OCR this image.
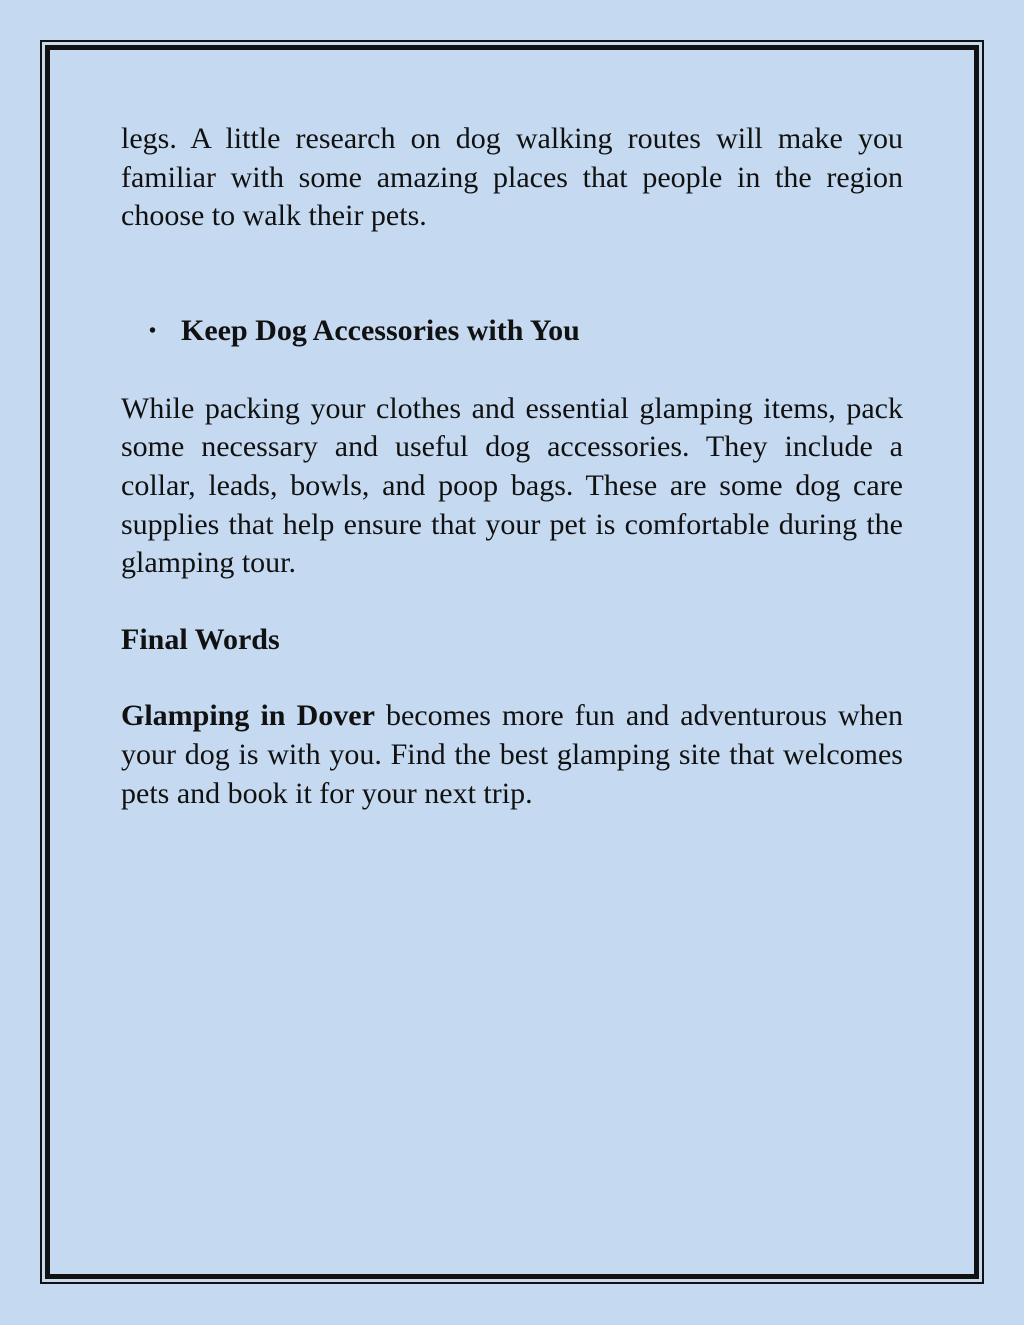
legs. A little research on dog walking routes will make you familiar with some amazing places that people in the region choose to walk their pets.

• Keep Dog Accessories with You

While packing your clothes and essential glamping items, pack some necessary and useful dog accessories. They include a collar, leads, bowls, and poop bags. These are some dog care supplies that help ensure that your pet is comfortable during the glamping tour.

Final Words

Glamping in Dover becomes more fun and adventurous when your dog is with you. Find the best glamping site that welcomes pets and book it for your next trip.
